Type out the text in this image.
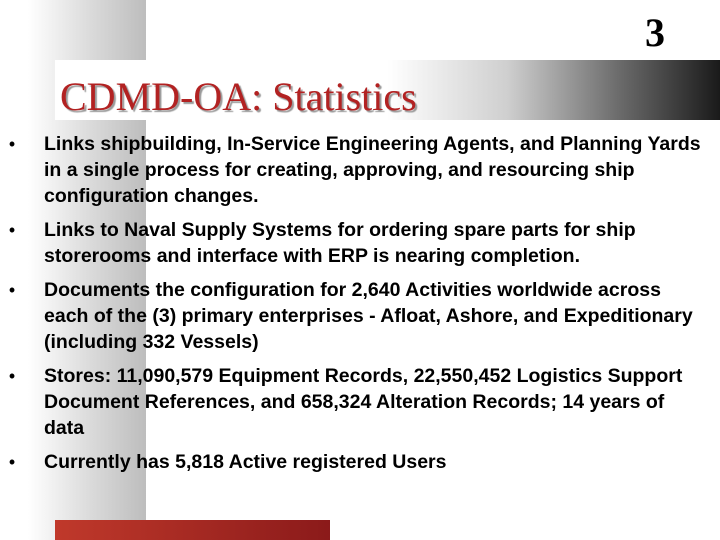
3
CDMD-OA: Statistics
• Links shipbuilding, In-Service Engineering Agents, and Planning Yards in a single process for creating, approving, and resourcing ship configuration changes.
• Links to Naval Supply Systems for ordering spare parts for ship storerooms and interface with ERP is nearing completion.
• Documents the configuration for 2,640 Activities worldwide across each of the (3) primary enterprises - Afloat, Ashore, and Expeditionary (including 332 Vessels)
• Stores: 11,090,579 Equipment Records, 22,550,452 Logistics Support Document References, and 658,324 Alteration Records; 14 years of data
• Currently has 5,818 Active registered Users
